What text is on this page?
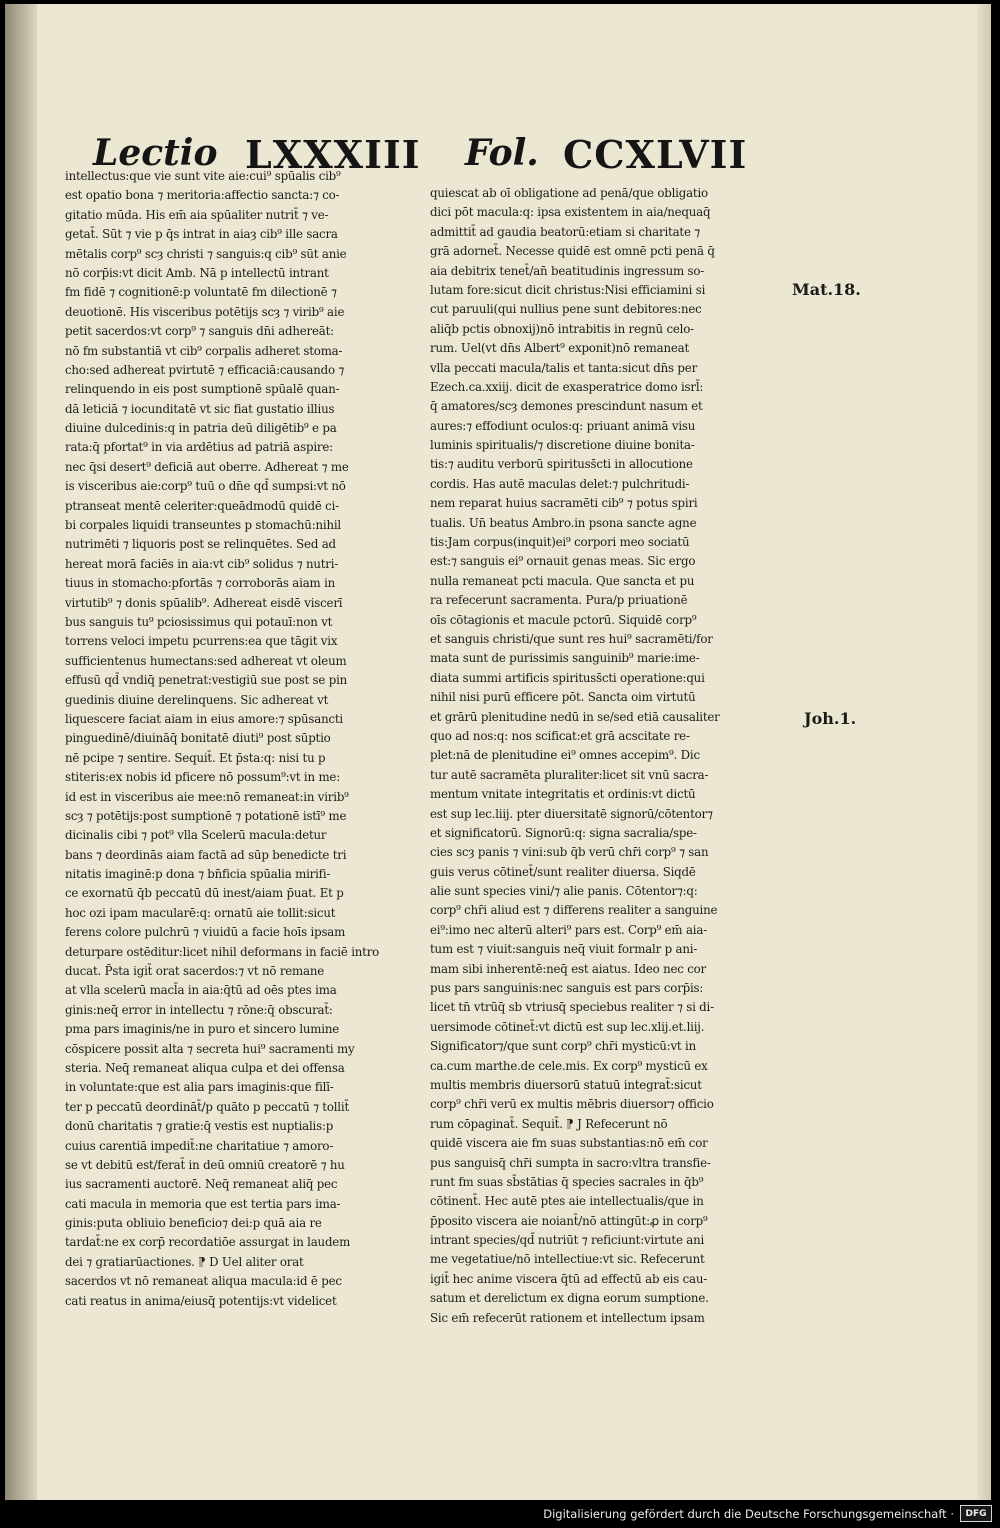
Lectio LXXXIII Fol. CCXLVII
intellectus:que vie sunt vite aie:cui⁹ spūalis cib⁹
est opatio bona ⁊ meritoria:affectio sancta:⁊ co-
gitatio mūda. His em̄ aia spūaliter nutrit̄ ⁊ ve-
getat̄. Sūt ⁊ vie p q̄s intrat in aiaȝ cib⁹ ille sacra
mētalis corp⁹ scȝ christi ⁊ sanguis:q cib⁹ sūt anie
nō corp̄is:vt dicit Amb. Nā p intellectū intrant
fm fidē ⁊ cognitionē:p voluntatē fm dilectionē ⁊
deuotionē. His visceribus potētijs scȝ ⁊ virib⁹ aie
petit sacerdos:vt corp⁹ ⁊ sanguis dn̄i adhereāt:
nō fm substantiā vt cib⁹ corpalis adheret stoma-
cho:sed adhereat pvirtutē ⁊ efficaciā:causando ⁊
relinquendo in eis post sumptionē spūalē quan-
dā leticiā ⁊ iocunditatē vt sic fiat gustatio illius
diuine dulcedinis:q in patria deū diligētib⁹ e pa
rata:q̄ pfortat⁹ in via ardētius ad patriā aspire:
nec q̄si desert⁹ deficiā aut oberre. Adhereat ⁊ me
is visceribus aie:corp⁹ tuū o dn̄e qd̄ sumpsi:vt nō
ptranseat mentē celeriter:queādmodū quidē ci-
bi corpales liquidi transeuntes p stomachū:nihil
nutrimēti ⁊ liquoris post se relinquētes. Sed ad
hereat morā faciēs in aia:vt cib⁹ solidus ⁊ nutri-
tiuus in stomacho:pfortās ⁊ corroborās aiam in
virtutib⁹ ⁊ donis spūalib⁹. Adhereat eisdē viscerī
bus sanguis tu⁹ pciosissimus qui potauī:non vt
torrens veloci impetu pcurrens:ea que tāgit vix
sufficientenus humectans:sed adhereat vt oleum
effusū qd̄ vndiq̄ penetrat:vestigiū sue post se pin
guedinis diuine derelinquens. Sic adhereat vt
liquescere faciat aiam in eius amore:⁊ spūsancti
pinguedinē/diuināq̄ bonitatē diuti⁹ post sūptio
nē pcipe ⁊ sentire. Sequit̄. Et p̄sta:q: nisi tu p
stiteris:ex nobis id pficere nō possum⁹:vt in me:
id est in visceribus aie mee:nō remaneat:in virib⁹
scȝ ⁊ potētijs:post sumptionē ⁊ potationē istī⁹ me
dicinalis cibi ⁊ pot⁹ vlla Scelerū macula:detur
bans ⁊ deordinās aiam factā ad sūp benedicte tri
nitatis imaginē:p dona ⁊ bn̄ficia spūalia mirifi-
ce exornatū q̄b peccatū dū inest/aiam p̄uat. Et p
hoc ozi ipam macularē:q: ornatū aie tollit:sicut
ferens colore pulchrū ⁊ viuidū a facie hoīs ipsam
deturpare ostēditur:licet nihil deformans in faciē intro
ducat. P̄sta igit̄ orat sacerdos:⁊ vt nō remane
at vlla scelerū macl̄a in aia:q̄tū ad oēs ptes ima
ginis:neq̄ error in intellectu ⁊ rōne:q̄ obscurat̄:
pma pars imaginis/ne in puro et sincero lumine
cōspicere possit alta ⁊ secreta hui⁹ sacramenti my
steria. Neq̄ remaneat aliqua culpa et dei offensa
in voluntate:que est alia pars imaginis:que filī-
ter p peccatū deordināt̄/p quāto p peccatū ⁊ tollit̄
donū charitatis ⁊ gratie:q̄ vestis est nuptialis:p
cuius carentiā impedit̄:ne charitatiue ⁊ amoro-
se vt debitū est/ferat̄ in deū omniū creatorē ⁊ hu
ius sacramenti auctorē. Neq̄ remaneat aliq̄ pec
cati macula in memoria que est tertia pars ima-
ginis:puta obliuio beneficio⁊ dei:p quā aia re
tardat̄:ne ex corp̄ recordatiōe assurgat in laudem
dei ⁊ gratiarūactiones. ⁋ D Uel aliter orat
sacerdos vt nō remaneat aliqua macula:id ē pec
cati reatus in anima/eiusq̄ potentijs:vt videlicet
quiescat ab oī obligatione ad penā/que obligatio
dici pōt macula:q: ipsa existentem in aia/nequaq̄
admittit̄ ad gaudia beatorū:etiam si charitate ⁊
grā adornet̄. Necesse quidē est omnē pcti penā q̄
aia debitrix tenet̄/an̄ beatitudinis ingressum so-
lutam fore:sicut dicit christus:Nisi efficiamini si
cut paruuli(qui nullius pene sunt debitores:nec
aliq̄b pctis obnoxij)nō intrabitis in regnū celo-
rum. Uel(vt dn̄s Albert⁹ exponit)nō remaneat
vlla peccati macula/talis et tanta:sicut dn̄s per
Ezech.ca.xxiij. dicit de exasperatrice domo isrl̄:
q̄ amatores/scȝ demones prescindunt nasum et
aures:⁊ effodiunt oculos:q: priuant animā visu
luminis spiritualis/⁊ discretione diuine bonita-
tis:⁊ auditu verborū spirituss̄cti in allocutione
cordis. Has autē maculas delet:⁊ pulchritudi-
nem reparat huius sacramēti cib⁹ ⁊ potus spiri
tualis. Un̄ beatus Ambro.in psona sancte agne
tis:Jam corpus(inquit)ei⁹ corpori meo sociatū
est:⁊ sanguis ei⁹ ornauit genas meas. Sic ergo
nulla remaneat pcti macula. Que sancta et pu
ra refecerunt sacramenta. Pura/p priuationē
oīs cōtagionis et macule pctorū. Siquidē corp⁹
et sanguis christi/que sunt res hui⁹ sacramēti/for
mata sunt de purissimis sanguinib⁹ marie:ime-
diata summi artificis spirituss̄cti operatione:qui
nihil nisi purū efficere pōt. Sancta oim virtutū
et grārū plenitudine nedū in se/sed etiā causaliter
quo ad nos:q: nos scificat:et grā acscitate re-
plet:nā de plenitudine ei⁹ omnes accepim⁹. Dic
tur autē sacramēta pluraliter:licet sit vnū sacra-
mentum vnitate integritatis et ordinis:vt dictū
est sup lec.liij. pter diuersitatē signorū/cōtentor⁊
et significatorū. Signorū:q: signa sacralia/spe-
cies scȝ panis ⁊ vini:sub q̄b verū chr̄i corp⁹ ⁊ san
guis verus cōtinet̄/sunt realiter diuersa. Siqdē
alie sunt species vini/⁊ alie panis. Cōtentor⁊:q:
corp⁹ chr̄i aliud est ⁊ differens realiter a sanguine
ei⁹:imo nec alterū alteri⁹ pars est. Corp⁹ em̄ aia-
tum est ⁊ viuit:sanguis neq̄ viuit formalr p ani-
mam sibi inherentē:neq̄ est aiatus. Ideo nec cor
pus pars sanguinis:nec sanguis est pars corp̄is:
licet tn̄ vtrūq̄ sb vtriusq̄ speciebus realiter ⁊ si di-
uersimode cōtinet̄:vt dictū est sup lec.xlij.et.liij.
Significator⁊/que sunt corp⁹ chr̄i mysticū:vt in
ca.cum marthe.de cele.mis. Ex corp⁹ mysticū ex
multis membris diuersorū statuū integrat̄:sicut
corp⁹ chr̄i verū ex multis mēbris diuersor⁊ officio
rum cōpaginat̄. Sequit̄. ⁋ J Refecerunt nō
quidē viscera aie fm suas substantias:nō em̄ cor
pus sanguisq̄ chr̄i sumpta in sacro:vltra transfie-
runt fm suas sb̄stātias q̄ species sacrales in q̄b⁹
cōtinent̄. Hec autē ptes aie intellectualis/que in
p̄posito viscera aie noiant̄/nō attingūt:ꝓ in corp⁹
intrant species/qd̄ nutriūt ⁊ reficiunt:virtute ani
me vegetatiue/nō intellectiue:vt sic. Refecerunt
igit̄ hec anime viscera q̄tū ad effectū ab eis cau-
satum et derelictum ex digna eorum sumptione.
Sic em̄ refecerūt rationem et intellectum ipsam
Mat.18.
Joh.1.
Digitalisierung gefördert durch die Deutsche Forschungsgemeinschaft ·	DFG
